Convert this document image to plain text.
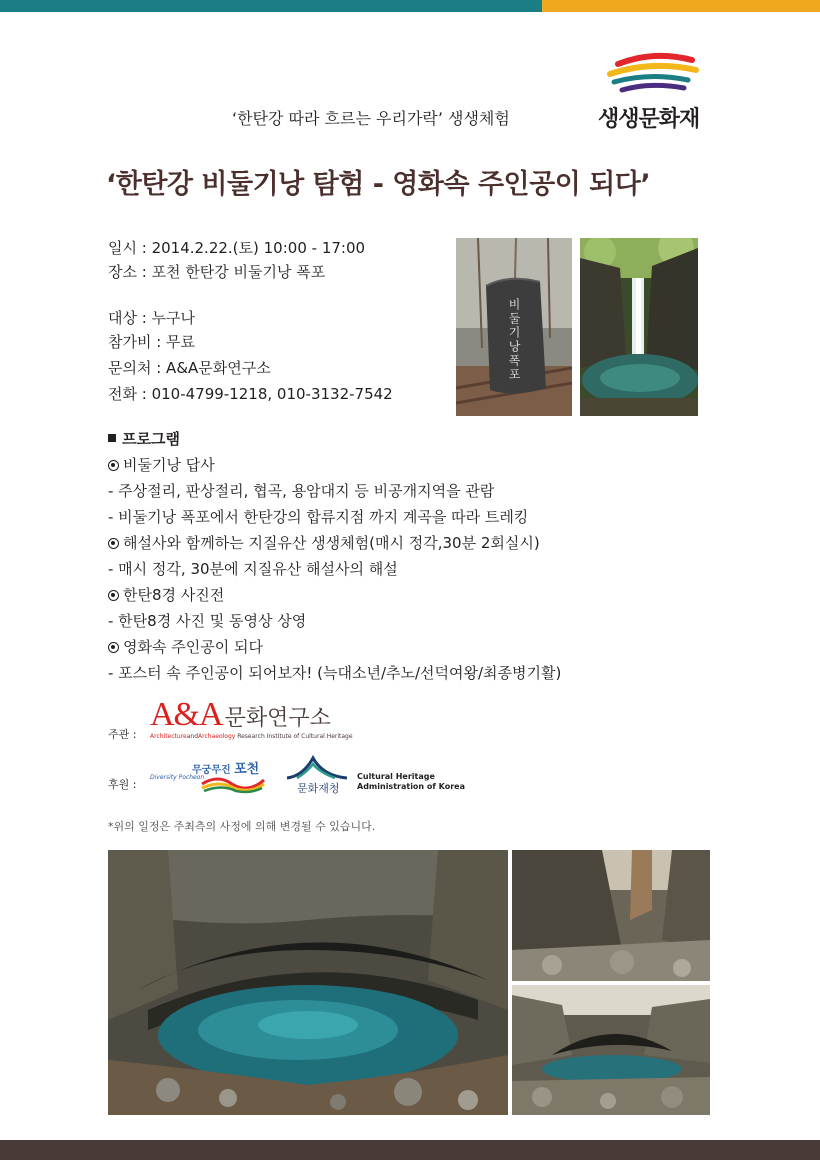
생생문화재
‘한탄강 따라 흐르는 우리가락’ 생생체험
‘한탄강 비둘기낭 탐험 - 영화속 주인공이 되다’
일시 : 2014.2.22.(토) 10:00 - 17:00
장소 : 포천 한탄강 비둘기낭 폭포
대상 : 누구나
참가비 : 무료
문의처 : A&A문화연구소
전화 : 010-4799-1218, 010-3132-7542
비둘기낭폭포
프로그램
비둘기낭 답사
- 주상절리, 판상절리, 협곡, 용암대지 등 비공개지역을 관람
- 비둘기낭 폭포에서 한탄강의 합류지점 까지 계곡을 따라 트레킹
해설사와 함께하는 지질유산 생생체험(매시 정각,30분 2회실시)
- 매시 정각, 30분에 지질유산 해설사의 해설
한탄8경 사진전
- 한탄8경 사진 및 동영상 상영
영화속 주인공이 되다
- 포스터 속 주인공이 되어보자! (늑대소년/추노/선덕여왕/최종병기활)
주관 :
A&A문화연구소
ArchitectureandArchaeology Research Institute of Cultural Heritage
후원 :
무궁무진 포천
Diversity Pocheon
문화재청
Cultural Heritage
Administration of Korea
*위의 일정은 주최측의 사정에 의해 변경될 수 있습니다.
